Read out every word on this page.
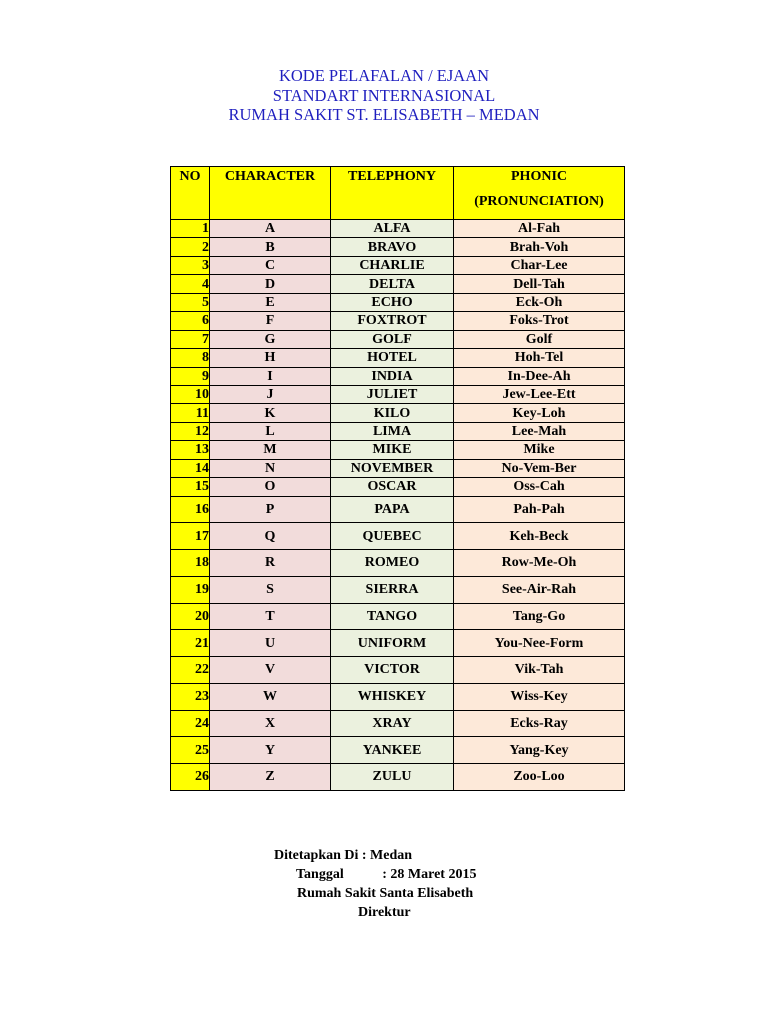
KODE PELAFALAN / EJAAN
STANDART INTERNASIONAL
RUMAH SAKIT ST. ELISABETH – MEDAN
NO	CHARACTER	TELEPHONY	PHONIC
(PRONUNCIATION)

1	A	ALFA	Al-Fah
2	B	BRAVO	Brah-Voh
3	C	CHARLIE	Char-Lee
4	D	DELTA	Dell-Tah
5	E	ECHO	Eck-Oh
6	F	FOXTROT	Foks-Trot
7	G	GOLF	Golf
8	H	HOTEL	Hoh-Tel
9	I	INDIA	In-Dee-Ah
10	J	JULIET	Jew-Lee-Ett
11	K	KILO	Key-Loh
12	L	LIMA	Lee-Mah
13	M	MIKE	Mike
14	N	NOVEMBER	No-Vem-Ber
15	O	OSCAR	Oss-Cah
16	P	PAPA	Pah-Pah
17	Q	QUEBEC	Keh-Beck
18	R	ROMEO	Row-Me-Oh
19	S	SIERRA	See-Air-Rah
20	T	TANGO	Tang-Go
21	U	UNIFORM	You-Nee-Form
22	V	VICTOR	Vik-Tah
23	W	WHISKEY	Wiss-Key
24	X	XRAY	Ecks-Ray
25	Y	YANKEE	Yang-Key
26	Z	ZULU	Zoo-Loo
Ditetapkan Di : Medan
Tanggal           : 28 Maret 2015
Rumah Sakit Santa Elisabeth
Direktur
